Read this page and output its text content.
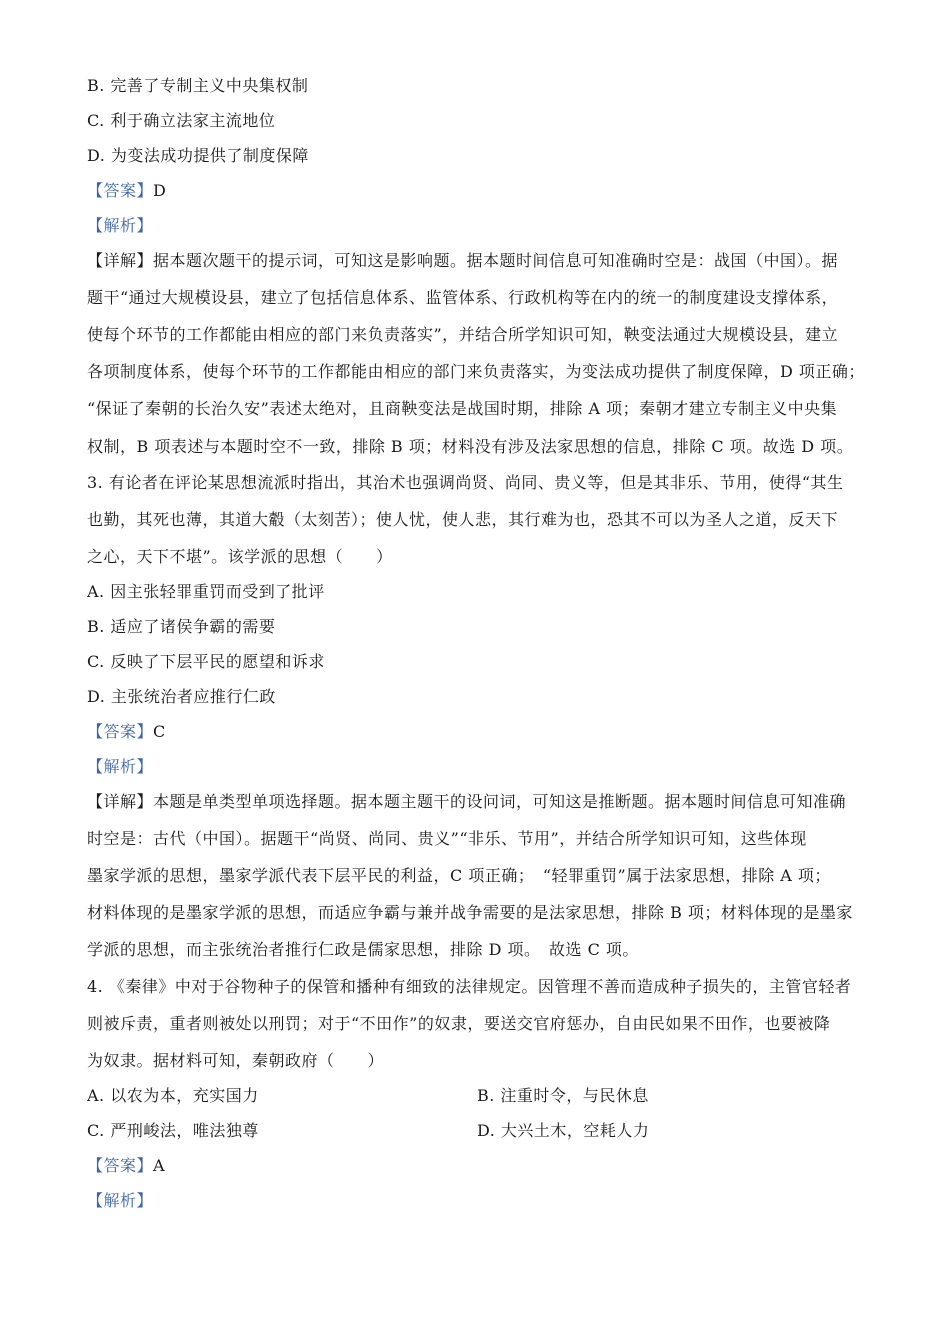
B. 完善了专制主义中央集权制
C. 利于确立法家主流地位
D. 为变法成功提供了制度保障
【答案】D
【解析】
【详解】据本题次题干的提示词，可知这是影响题。据本题时间信息可知准确时空是：战国（中国）。据
题干“通过大规模设县，建立了包括信息体系、监管体系、行政机构等在内的统一的制度建设支撑体系，
使每个环节的工作都能由相应的部门来负责落实”，并结合所学知识可知，鞅变法通过大规模设县，建立
各项制度体系，使每个环节的工作都能由相应的部门来负责落实，为变法成功提供了制度保障，D 项正确；
“保证了秦朝的长治久安”表述太绝对，且商鞅变法是战国时期，排除 A 项；秦朝才建立专制主义中央集
权制，B 项表述与本题时空不一致，排除 B 项；材料没有涉及法家思想的信息，排除 C 项。故选 D 项。
3. 有论者在评论某思想流派时指出，其治术也强调尚贤、尚同、贵义等，但是其非乐、节用，使得“其生
也勤，其死也薄，其道大觳（太刻苦）；使人忧，使人悲，其行难为也，恐其不可以为圣人之道，反天下
之心，天下不堪”。该学派的思想（　　）
A. 因主张轻罪重罚而受到了批评
B. 适应了诸侯争霸的需要
C. 反映了下层平民的愿望和诉求
D. 主张统治者应推行仁政
【答案】C
【解析】
【详解】本题是单类型单项选择题。据本题主题干的设问词，可知这是推断题。据本题时间信息可知准确
时空是：古代（中国）。据题干“尚贤、尚同、贵义”“非乐、节用”，并结合所学知识可知，这些体现
墨家学派的思想，墨家学派代表下层平民的利益，C 项正确；　“轻罪重罚”属于法家思想，排除 A 项；
材料体现的是墨家学派的思想，而适应争霸与兼并战争需要的是法家思想，排除 B 项；材料体现的是墨家
学派的思想，而主张统治者推行仁政是儒家思想，排除 D 项。　故选 C 项。
4. 《秦律》中对于谷物种子的保管和播种有细致的法律规定。因管理不善而造成种子损失的，主管官轻者
则被斥责，重者则被处以刑罚；对于“不田作”的奴隶，要送交官府惩办，自由民如果不田作，也要被降
为奴隶。据材料可知，秦朝政府（　　）
A. 以农为本，充实国力	B. 注重时令，与民休息
C. 严刑峻法，唯法独尊	D. 大兴土木，空耗人力
【答案】A
【解析】
